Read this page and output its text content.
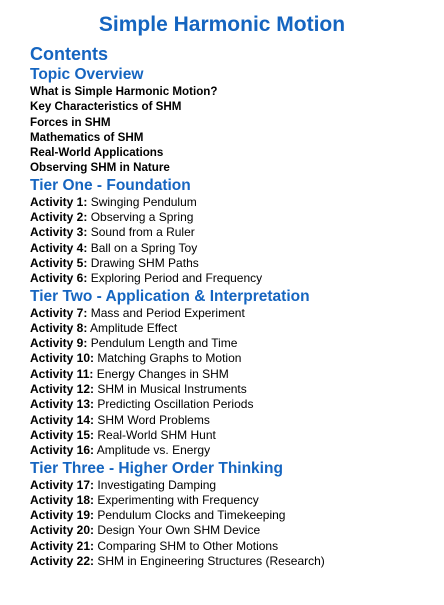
Simple Harmonic Motion
Contents
Topic Overview
What is Simple Harmonic Motion?
Key Characteristics of SHM
Forces in SHM
Mathematics of SHM
Real-World Applications
Observing SHM in Nature
Tier One - Foundation
Activity 1: Swinging Pendulum
Activity 2: Observing a Spring
Activity 3: Sound from a Ruler
Activity 4: Ball on a Spring Toy
Activity 5: Drawing SHM Paths
Activity 6: Exploring Period and Frequency
Tier Two - Application & Interpretation
Activity 7: Mass and Period Experiment
Activity 8: Amplitude Effect
Activity 9: Pendulum Length and Time
Activity 10: Matching Graphs to Motion
Activity 11: Energy Changes in SHM
Activity 12: SHM in Musical Instruments
Activity 13: Predicting Oscillation Periods
Activity 14: SHM Word Problems
Activity 15: Real-World SHM Hunt
Activity 16: Amplitude vs. Energy
Tier Three - Higher Order Thinking
Activity 17: Investigating Damping
Activity 18: Experimenting with Frequency
Activity 19: Pendulum Clocks and Timekeeping
Activity 20: Design Your Own SHM Device
Activity 21: Comparing SHM to Other Motions
Activity 22: SHM in Engineering Structures (Research)
